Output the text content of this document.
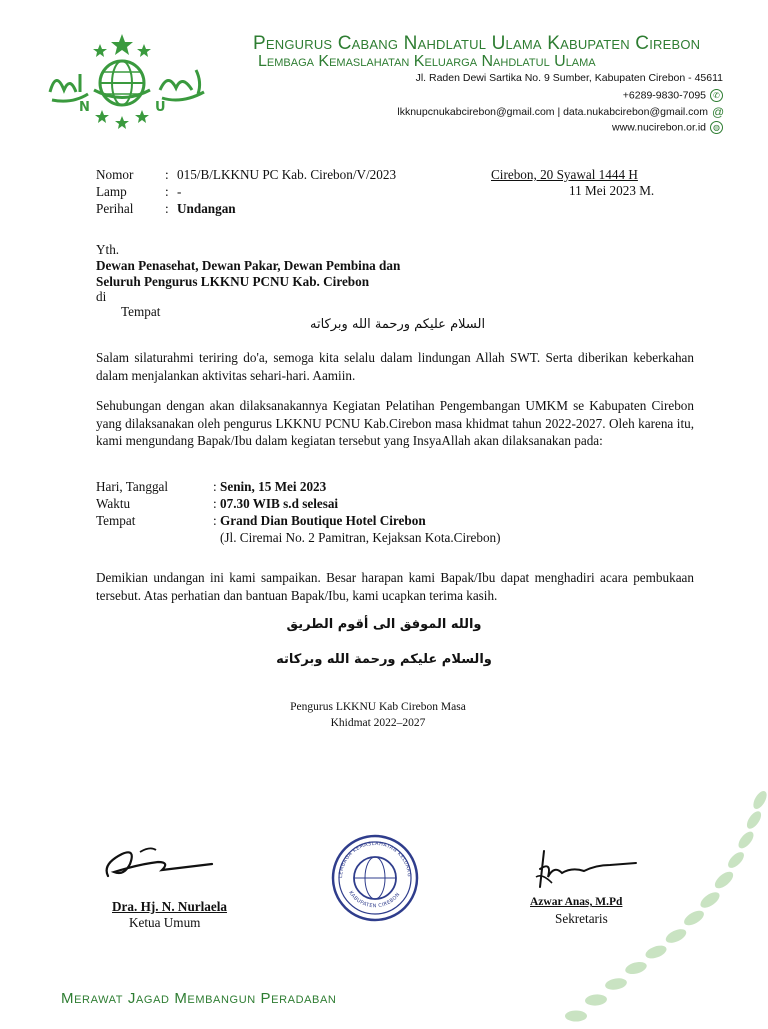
N	U
Pengurus Cabang Nahdlatul Ulama Kabupaten Cirebon
Lembaga Kemaslahatan Keluarga Nahdlatul Ulama
Jl. Raden Dewi Sartika No. 9 Sumber, Kabupaten Cirebon - 45611
+6289-9830-7095 ✆
lkknupcnukabcirebon@gmail.com | data.nukabcirebon@gmail.com @
www.nucirebon.or.id ◍
Nomor	: 015/B/LKKNU PC Kab. Cirebon/V/2023
Lamp	: -
Perihal	: Undangan
Cirebon, 20 Syawal 1444 H
11 Mei 2023 M.
Yth.
Dewan Penasehat, Dewan Pakar, Dewan Pembina dan
Seluruh Pengurus LKKNU PCNU Kab. Cirebon
di
Tempat
السلام عليكم ورحمة الله وبركاته
Salam silaturahmi teriring do'a, semoga kita selalu dalam lindungan Allah SWT. Serta diberikan keberkahan dalam menjalankan aktivitas sehari-hari. Aamiin.
Sehubungan dengan akan dilaksanakannya Kegiatan Pelatihan Pengembangan UMKM se Kabupaten Cirebon yang dilaksanakan oleh pengurus LKKNU PCNU Kab.Cirebon masa khidmat tahun 2022-2027. Oleh karena itu, kami mengundang Bapak/Ibu dalam kegiatan tersebut yang InsyaAllah akan dilaksanakan pada:
Hari, Tanggal	: Senin, 15 Mei 2023
Waktu	: 07.30 WIB s.d selesai
Tempat	: Grand Dian Boutique Hotel Cirebon
(Jl. Ciremai No. 2 Pamitran, Kejaksan Kota.Cirebon)
Demikian undangan ini kami sampaikan. Besar harapan kami Bapak/Ibu dapat menghadiri acara pembukaan tersebut. Atas perhatian dan bantuan Bapak/Ibu, kami ucapkan terima kasih.
والله الموفق الى أقوم الطريق
والسلام عليكم ورحمة الله وبركاته
Pengurus LKKNU Kab Cirebon Masa
Khidmat 2022–2027
Dra. Hj. N. Nurlaela
Ketua Umum
LEMBAGA KEMASLAHATAN KELUARG
KABUPATEN CIREBON
Azwar Anas, M.Pd
Sekretaris
Merawat Jagad Membangun Peradaban
